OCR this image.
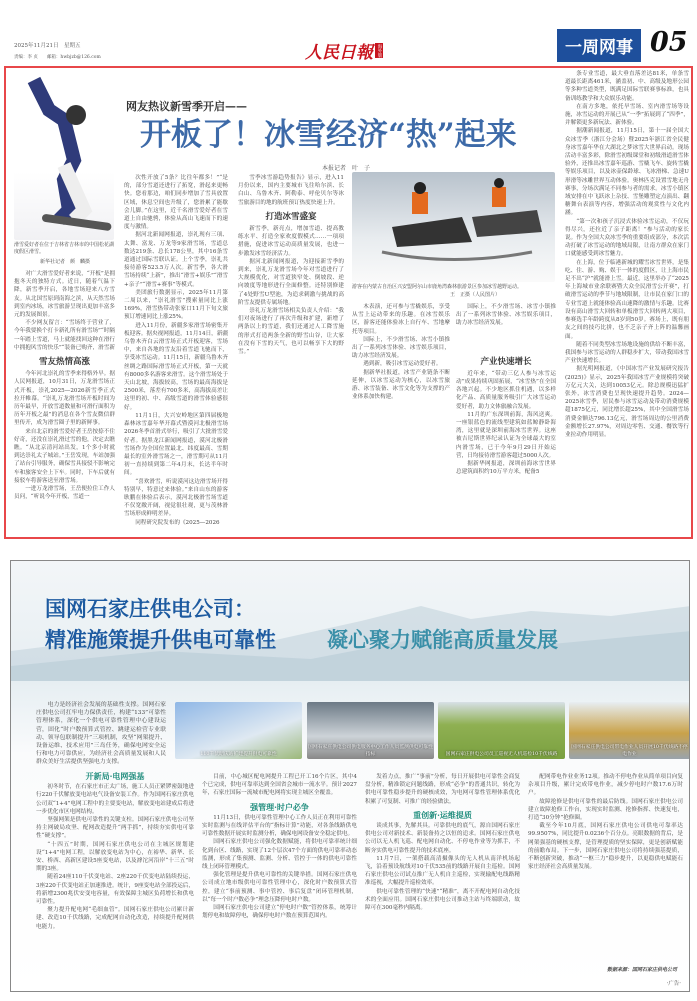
2025年11月21日　星期五
责编：李 贞　　邮箱：hwbjzb@126.com	人民日報 海外版	一周网事 05
滑雪爱好者在位于吉林省吉林市的中国松花湖度假区滑雪。
新华社记者　颜　麟摄
网友热议新雪季开启——
开板了！冰雪经济“热”起来
本报记者　叶　子

对广大滑雪爱好者来说，“开板”是拥抱冬天的独特方式。近日，随着气温下降，新雪季开启，各地雪场迎来八方雪友。从北国雪原到南海之滨，从天然雪场到室内冰场，冰雪旅游呈现出更加丰富多元的发展图景。

不少网友留言：“雪场终于营业了，今年我要换个打卡新礼所有滑雪场”“时隔一年踏上雪道，马上就能找回这种在滑行中拥抱风雪的快乐”“装备已购齐，滑雪新

雪友热情高涨

今年河北崇礼的雪季来得格外早。据人民网报道，10月31日，万龙滑雪场正式开板，崇礼2025—2026新雪季正式拉开帷幕。“崇礼万龙滑雪场开板时间为历年最早，开放雪道数量和可滑行面积为历年开板之最”的消息在各个雪友微信群里传开，成为滑雪圈子里的新鲜事。

来自北京的滑雪爱好者王岳按捺不住好奇，还没在崇礼滑过雪的他，决定去瞧瞧。“从北京清河站出发，1个多小时就到达崇礼太子城站。”王岳发现，车站加强了站台引导服务，确保雪具接驳不影响完车和旅客安全上下车。同时，下车后就有接驳车将游客送至滑雪场。

一进万龙滑雪场，王岳便拉住工作人员问，“听说今年开板，雪道一

次性开放了5条？比往年都多！”“是的，部分雪道还进行了拓宽，滑起来更畅快。您看那边，咱们同步增加了雪具放置区域，休息空间也升级了，您滑累了能歇会儿脚。”在这里，近千名滑雪爱好者在雪道上自由驰骋，体验从高山飞速而下的速度与激情。

据河北新闻网报道，崇礼现有三项、太舞、富龙、万龙等9家滑雪场，雪道总数达219条、总长178公里，其中16条雪道通过国际雪联认证。上个雪季，崇礼共接待游客523.5万人次。新雪季，各大滑雪场持续“上新”，推出“滑雪+娱乐”“滑雪+亲子”“滑雪+赛事”等模式。

美团旅行数据显示，2025年11月第二周以来，“崇礼滑雪”搜索量同比上涨169%，滑雪热带动张家口11月下旬文旅预订增速同比上涨25%。

进入11月份，新疆多家滑雪场密集开板迎客。据央视网报道，11月14日，新疆乌鲁木齐白云滑雪场正式开板迎客，雪场中，来自各地的雪友沿着雪道飞驰而下，享受冰雪运动。11月15日，新疆乌鲁木齐丝绸之路国际滑雪场正式开板，第一天就有8000多名游客来滑雪。这个滑雪场处于天山北坡，海拔较高，雪场的最高海拔是2500米，落差有700多米，高海拔高差让这里的初、中、高级雪道的滑雪体验感很好。

11月1日，大兴安岭地区第四届极地森林冰雪嘉年华开幕式暨漠河北极滑雪场2026冬季首滑式举行，吸引了大批滑雪爱好者。据黑龙江新闻网报道，漠河北极滑雪场作为全国位置最北、纬度最高、雪期最长的室外滑雪场之一，滑雪期可从11月初一直持续到第二年4月末，长达半年时间。

“喜欢滑雪，听说漠河这边滑雪场开得特别早，特意过来体验。”来自山东的游客耿鹏在体验后表示，漠河北极滑雪场雪道不仅宽敞开阔，视觉很壮观，更与茂林滑雪场形成鲜明差异。

同程研究院发布的《2025—2026

雪季冰雪游趋势报告》显示，进入11月份以来，国内主要城市飞往哈尔滨、长白山、乌鲁木齐、阿勒泰、呼伦贝尔等冰雪旅游目的地的航班预订热度快速上升。

打造冰雪盛宴

新雪季，新亮点，增加雪道、提高教练水平、打造全家欢度假模式……一项项措施，促进冰雪运动高质量发展，也进一步激发冰雪经济活力。

据河北新闻网报道，为迎接新雪季的到来，崇礼万龙滑雪场今年对雪道进行了大规模优化，对雪道狭窄处、倒坡段、逆向坡度等地形进行全面修整。还特别修建了4处野雪U型池，为追求刺激与挑战的高阶雪友提供专属场地。

崇礼万龙滑雪场相关负责人介绍：“我们对夜场进行了再次升级和扩建，新增了两条以上的雪道，我们还通过人工降雪施的形式打造两条全新的野雪山谷，让大家在没有下雪的天气，也可以畅享下大的野雪。”

游客在内蒙古自治区兴安盟阿尔山市鹿角湾森林旅游景区参加冰雪越野运动。
王　正摄（人民图片）

木表演，还可参与雪橇娱乐，享受从雪上运动带来的乐趣。在冰雪娱乐区，游客还能体验冰上自行车、雪地摩托等项目。

国际上，不少滑雪场、冰雪小镇推出了一系列冰雪体验、冰雪娱乐项目，助力冰雪经济发展。

遇到新，吸引冰雪运动爱好者。

据新华社报道，冰雪产业链条不断延伸，以冰雪运动为核心，以冰雪旅游、冰雪装备、冰雪文化等为支撑的产业体系加快构建。

国际上，不少滑雪场、冰雪小镇推出了一系列冰雪体验、冰雪娱乐项目，助力冰雪经济发展。

产业快速增长

近年来，“带动三亿人参与冰雪运动”成果持续巩固拓展，“冰雪热”在全国各地兴起。不少地区抓住机遇，以多样化产品、高质量服务吸引广大冰雪运动爱好者，助力文体旅融合发展。

11月的广东深圳前海，海风送爽。一座银蓝色的流线型建筑如蓝鲸静卧海湾，这里就是深圳前海冰雪世界。这座被吉尼斯世界纪录认证为全球最大的室内滑雪场，已于今年9月29日开始运营，日均接待滑雪游客超过5000人次。

据新华网报道，深圳前海冰雪世界总建筑面积约10万平方米，配备5

条专业雪道，最大垂直落差达81米，单条雪道最长距离461米，涵盖初、中、高级及地形公园等多种雪道类型，既满足国际雪联赛事标准，也具备训练教学和大众娱乐功能。

在南方多地，依托旱雪场、室内滑雪场等设施，冰雪运动的开展已从“一季”拓展到了“四季”，并解锁更多新玩法、新体验。

据潮新闻报道，11月15日，第十一届全国大众冰雪季（浙江分会场）暨2025年浙江省全民健身冰雪嘉年华在大湖北之梦冰雪大世界启动。现场活动丰富多彩，除滑雪初级课堂和初级滑道滑雪体验外，还推出冰雪嘉年巡游、雪橇飞车、旋转雪橇等娱乐项目，以及冰壶保龄球、飞冰滑梯、急速U形滑等冰雕世界互动体验。奥林匹克设置雪地无舟赛事，分场次满足不同参与者的需求。冰雪小镇区域安排在中飞跃冰上杂技、雪堡雕塑定点演出、翻糖舞台表演等内容，增强活动的观赏性与文化内涵。

“第一次和孩子沉浸式体验冰雪运动，不仅玩得尽兴，还拉近了亲子距离！”参与活动的家长说。作为全国大众冰雪季的重要组成部分，本次活动打破了冰雪运动的地域局限，让南方群众在家门口就能感受到冰雪魅力。

在上海，位于临港新城的耀雪冰雪世界，是集吃、住、游、购、娱于一体的度假区，让上海市民足不出“沪”就能滑上雪。最近，这里举办了“2025年上海城市业余联赛暨大众全民滑雪公开赛”，打破滑雪运动的季节与地域限制，让市民在家门口的专业雪道上就能体验高山速降的激情与乐趣。比赛设有高山滑雪大回转和单板滑雪大回转两大项目，参赛选手年龄跨度从8岁到50岁。赛场上，既有朋友之间的技巧比拼，也不乏亲子齐上阵的温馨画面。

随着不同类型冰雪场地设施的供给不断丰富，我国参与冰雪运动的人群稳步扩大，带动我国冰雪产业快速增长。

据光明网报道，《中国冰雪产业发展研究报告(2025)》显示，2025年我国冰雪产业规模将突破万亿元大关，达到10053亿元。除总规模迅猛扩张外，冰雪消费也呈现快速提升趋势。2024—2025冰雪季，居民参与冰雪运动及带动消费规模超1875亿元，同比增长超25%，其中全国滑雪场消费金额达796.13亿元，滑雪场周边的公里消费金额增长27.97%，对周边零售、交通、餐饮等行业拉动作用明显。

国网石家庄供电公司：
精准施策提升供电可靠性 凝心聚力赋能高质量发展

电力是经济社会发展的基础性支撑。国网石家庄供电公司扛牢电力保供责任，构建“133”可靠性管理体系，深化一个供电可靠性管理中心建设运营，固化“时户数预算式管控、跳建运检营专业联动、领导包联制提升”三项机制，攻坚“网架提升、设备运维、技术应用”三岛任务，确保电网安全运行和电力可靠供应，为经济社会高质量发展和人民群众美好生活提供坚强电力支撑。

110千伏昭庆站扩建提升供电可靠性
国网石家庄供电公司供电服务中心工作人员监测供电可靠性指标	国网石家庄供电公司员工巡视无人机巡检10千伏线路
国网石家庄供电公司带电作业人员开展10千伏线路不停电作业
开新局·电网强基

初冬时节，在石家庄市正太广场，施工人员正紧锣密鼓地进行220千伏解放变电站电气设备安装工作。作为国网石家庄供电公司双“1+4”电网工程中的主要变电站，解放变电站建成后将进一步优化市区电网结构。

坚强网架是供电可靠性的关键支柱。国网石家庄供电公司坚持主网破局攻坚、配网改造提升“两手抓”，持续夯实供电可靠性“硬支撑”。

“十四五”时期，国网石家庄供电公司在主城区规划建设“1+4”电网工程，以解放变电站为中心，在裕华、新华、长安、桥西、高新区建设5座变电站，以及滹沱河沿岸“十三五”时期的3座。

随着24座110千伏变电站、2座220千伏变电站陆续投运，3座220千伏变电站正加速推进。统计，9座变电站全部投运后，将新增2300兆伏安变电容量，有效保障主城区负荷增长和供电可靠性。

聚力提升配电网“毛细血管”。国网石家庄供电公司累计新建、改造10千伏线路，完成配网自动化改造，持续提升配网供电能力。

目前，中心城区配电网提升工程已开工16个片区，其中4个已完成，供电可靠率达到全国省会城市一流水平。预计2027年，石家庄国际一流城市配电网将实现主城区全覆盖。

强管理·时户必争

11月13日，供电可靠性管理中心工作人员正在利用可靠性实时监测与在线评估平台的“指标计算”功能，对各条线路供电可靠性数据开展实时监测分析，确保电网设备安全稳定供电。

国网石家庄供电公司强化数据赋能，将供电可靠率统计细化到台区、线路，实现了12个层次47个方面的供电可靠率动态监测，形成了集预测、监测、分析、管控于一体的供电可靠性线上闭环管理模式。

强化管理是提升供电可靠性的关键举措。国网石家庄供电公司成立地市级供电可靠性管理中心，深化时户数预算式管控，建立“事前预测、事中管控、事后复盘”闭环管理机制，以“每一个时户数必争”理念压降停电时户数。

国网石家庄供电公司建立“停电时户数”管控体系，统筹计划停电和故障停电，确保停电时户数在预算范围内。

发着力点，推广“事前”分析，每日开展供电可靠性会商复盘分析，精准锁定问题线路，形成“必争”的普通共识，转化为供电可靠性稳步提升的硬核成效，为电网可靠性管理体系优化积累了可复制、可推广的经验做法。

重创新·运维提质

谈成其事，先解其具。可靠供电的底气，源自国网石家庄供电公司对新技术、新装备持之以恒的追求。国网石家庄供电公司以无人机飞巡、配电网自动化、不停电作业等为抓手，不断夯实供电可靠性提升的技术底座。

11月7日，一架搭载高清摄像头的无人机从南洋机场起飞，沿着预设航线对10千伏535前的线路开展自主巡检。国网石家庄供电公司试点推广无人机自主巡检，实现输配电线路精准巡视，大幅提升巡检效率。

供电可靠性管理的“快速”“精准”，离不开配电网自动化技术的全面应用。国网石家庄供电公司推动主站与终端联动，故障可在300毫秒内隔离。

配网带电作业业务12项。推动不停电作业从简单项目向复杂项目升级，累计完成带电作业，减少停电时户数17.6万时户。

故障抢修是供电可靠性的最后防线。国网石家庄供电公司建立故障抢修工作台，实现实时监测、抢修指挥、快速复电，打造“30分钟”抢修圈。

截至今年10月底，国网石家庄供电公司供电可靠率达99.9507%，同比提升0.0236个百分点。亮眼数据的背后，是网架强基的硬核支撑，是管理提质的坚实保障，更是创新赋能的前瞻布局。下一步，国网石家庄供电公司将持续强基提质，不断创新突破，推动“一枢三力”稳步提升，以更稳供电赋能石家庄经济社会高质量发展。

数据来源：国网石家庄供电公司
·广告·
